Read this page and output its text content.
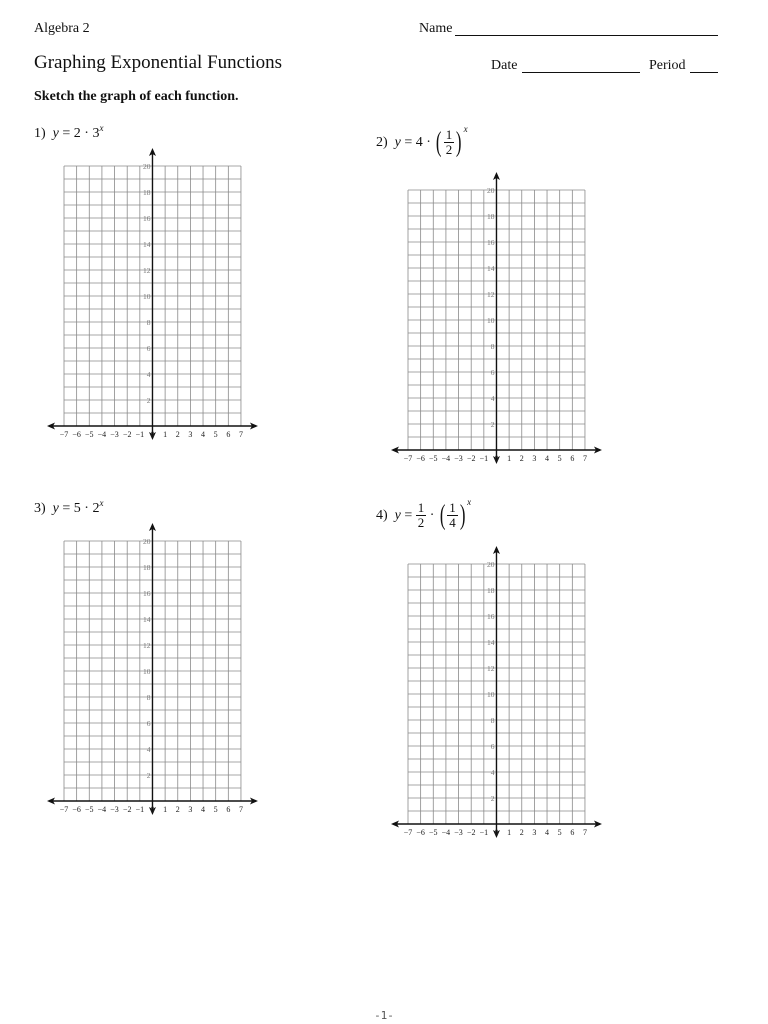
Algebra 2	Name
Graphing Exponential Functions	Date	Period
Sketch the graph of each function.
1) $y = 2 \cdot 3^x$
2) y = 4 · ( $\frac{1}{2}$ ) $^x$
3) $y = 5 \cdot 2^x$
4) $y = \frac{1}{2}$ · ( $\frac{1}{4}$ ) $^x$
−7 −6 −5 −4 −3 −2 −1 0 1 2 3 4 5 6 7
2
4
6
8
10
12
14
16
18
20
−7 −6 −5 −4 −3 −2 −1 0 1 2 3 4 5 6 7
2
4
6
8
10
12
14
16
18
20
−7 −6 −5 −4 −3 −2 −1 0 1 2 3 4 5 6 7
2
4
6
8
10
12
14
16
18
20
−7 −6 −5 −4 −3 −2 −1 0 1 2 3 4 5 6 7
2
4
6
8
10
12
14
16
18
20
-1-
